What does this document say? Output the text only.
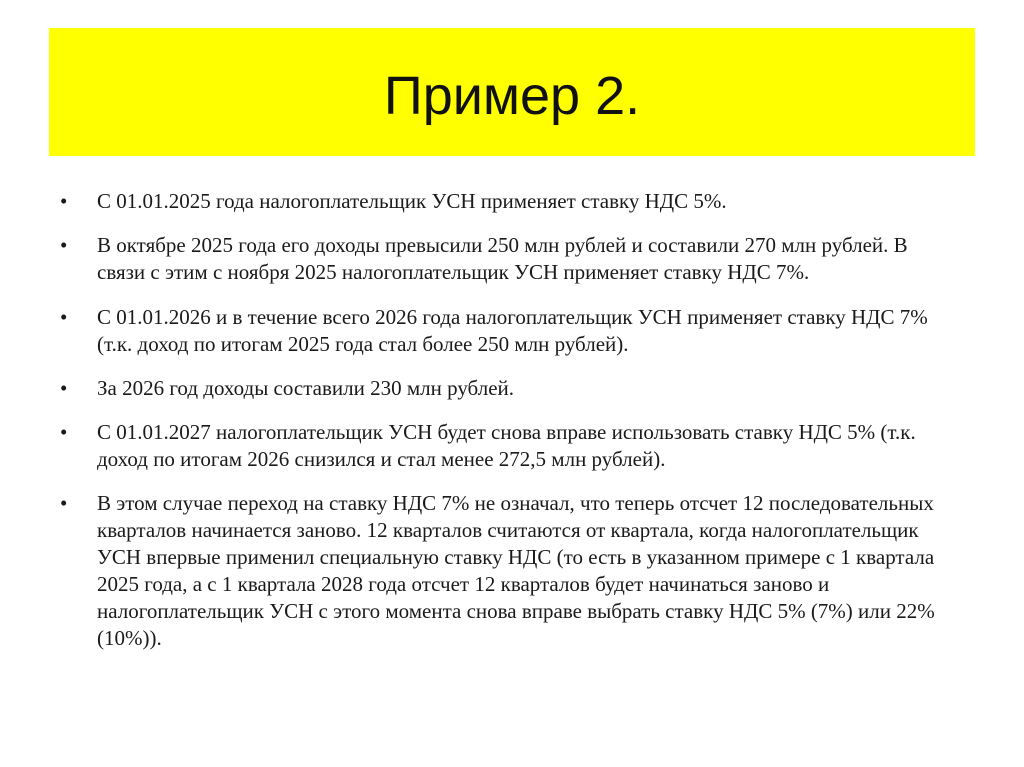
Пример 2.
•	С 01.01.2025 года налогоплательщик УСН применяет ставку НДС 5%.
•	В октябре 2025 года его доходы превысили 250 млн рублей и составили 270 млн рублей. В связи с этим с ноября 2025 налогоплательщик УСН применяет ставку НДС 7%.
•	С 01.01.2026 и в течение всего 2026 года налогоплательщик УСН применяет ставку НДС 7% (т.к. доход по итогам 2025 года стал более 250 млн рублей).
•	За 2026 год доходы составили 230 млн рублей.
•	С 01.01.2027 налогоплательщик УСН будет снова вправе использовать ставку НДС 5% (т.к. доход по итогам 2026 снизился и стал менее 272,5 млн рублей).
•	В этом случае переход на ставку НДС 7% не означал, что теперь отсчет 12 последовательных кварталов начинается заново. 12 кварталов считаются от квартала, когда налогоплательщик УСН впервые применил специальную ставку НДС (то есть в указанном примере с 1 квартала 2025 года, а с 1 квартала 2028 года отсчет 12 кварталов будет начинаться заново и налогоплательщик УСН с этого момента снова вправе выбрать ставку НДС 5% (7%) или 22% (10%)).
